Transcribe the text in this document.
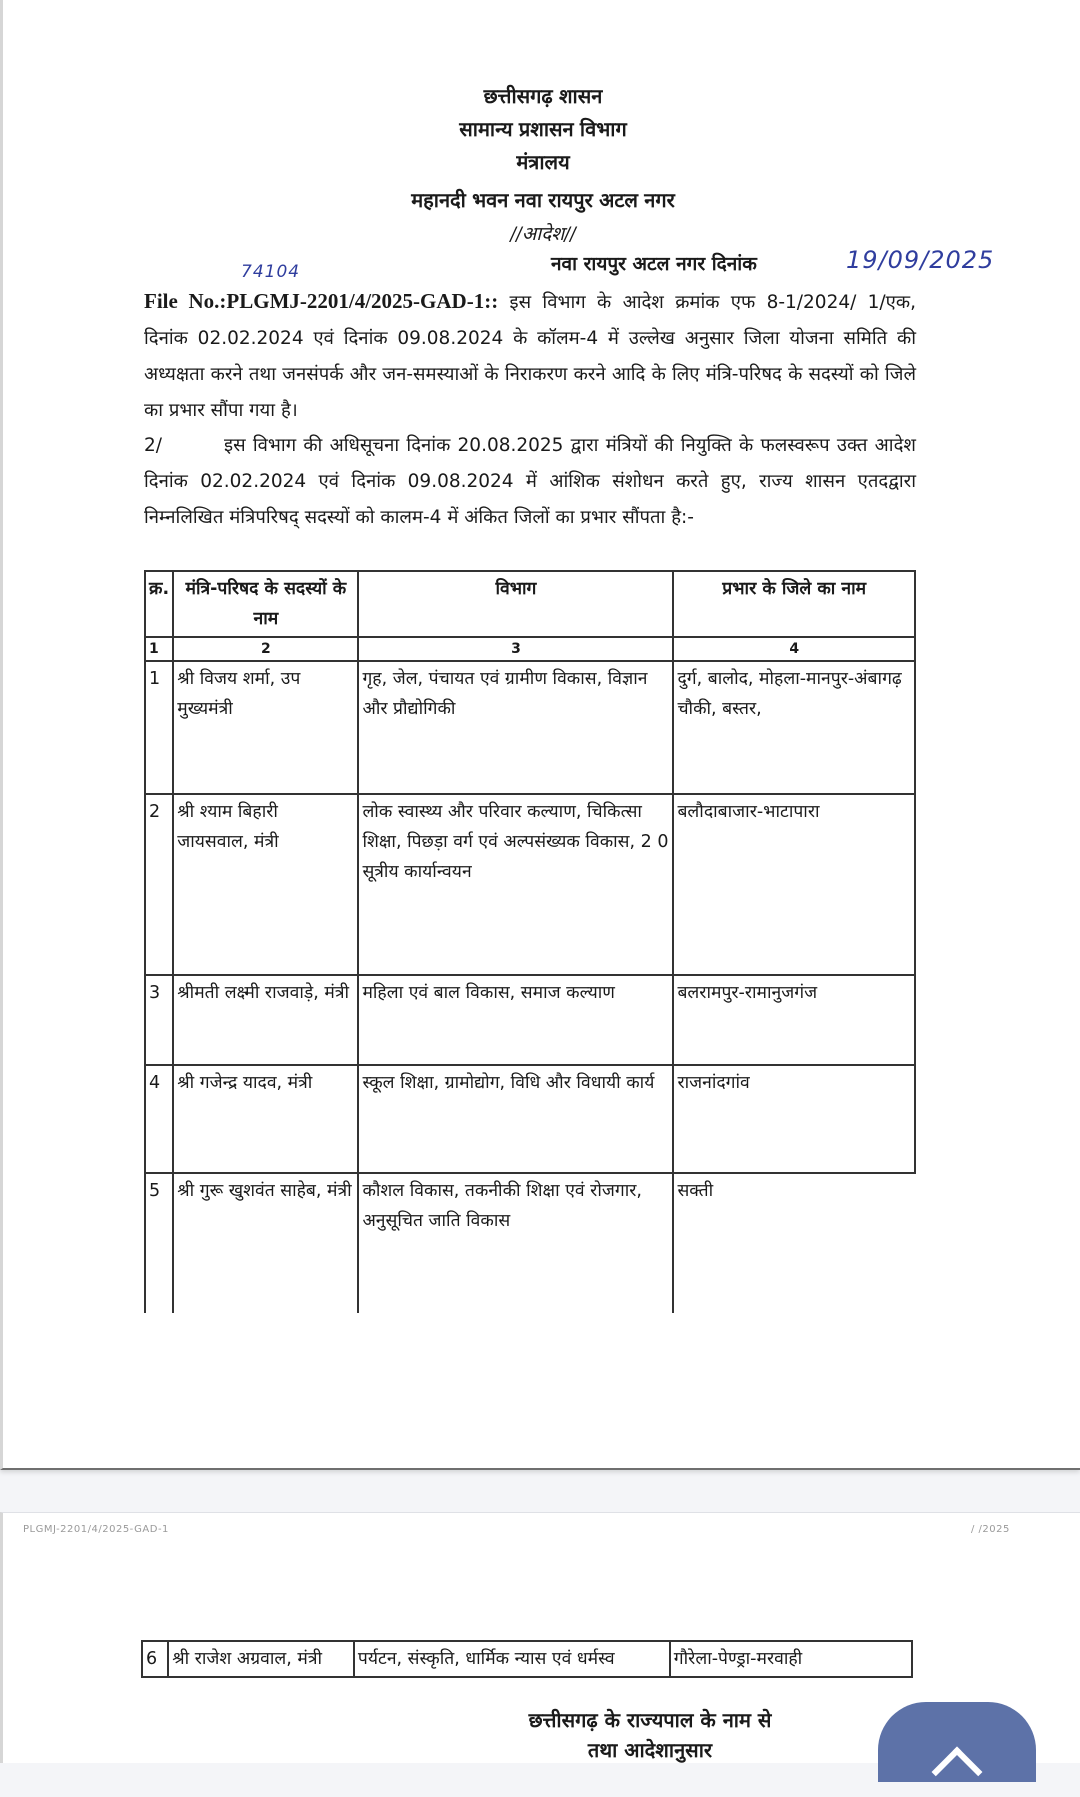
छत्तीसगढ़ शासन
सामान्य प्रशासन विभाग
मंत्रालय
महानदी भवन नवा रायपुर अटल नगर
//आदेश//
नवा रायपुर अटल नगर दिनांक	19/09/2025
74104
File No.:PLGMJ-2201/4/2025-GAD-1:: इस विभाग के आदेश क्रमांक एफ 8-1/2024/ 1/एक, दिनांक 02.02.2024 एवं दिनांक 09.08.2024 के कॉलम-4 में उल्लेख अनुसार जिला योजना समिति की अध्यक्षता करने तथा जनसंपर्क और जन-समस्याओं के निराकरण करने आदि के लिए मंत्रि-परिषद के सदस्यों को जिले का प्रभार सौंपा गया है।
2/	इस विभाग की अधिसूचना दिनांक 20.08.2025 द्वारा मंत्रियों की नियुक्ति के फलस्वरूप उक्त आदेश दिनांक 02.02.2024 एवं दिनांक 09.08.2024 में आंशिक संशोधन करते हुए, राज्य शासन एतदद्वारा निम्नलिखित मंत्रिपरिषद् सदस्यों को कालम-4 में अंकित जिलों का प्रभार सौंपता है:-
क्र.	मंत्रि-परिषद के सदस्यों के नाम	विभाग	प्रभार के जिले का नाम
1	2	3	4
1	श्री विजय शर्मा, उप मुख्यमंत्री	गृह, जेल, पंचायत एवं ग्रामीण विकास, विज्ञान और प्रौद्योगिकी	दुर्ग, बालोद, मोहला-मानपुर-अंबागढ़ चौकी, बस्तर,
2	श्री श्याम बिहारी जायसवाल, मंत्री	लोक स्वास्थ्य और परिवार कल्याण, चिकित्सा शिक्षा, पिछड़ा वर्ग एवं अल्पसंख्यक विकास, 2 0 सूत्रीय कार्यान्वयन	बलौदाबाजार-भाटापारा
3	श्रीमती लक्ष्मी राजवाडे़, मंत्री	महिला एवं बाल विकास, समाज कल्याण	बलरामपुर-रामानुजगंज
4	श्री गजेन्द्र यादव, मंत्री	स्कूल शिक्षा, ग्रामोद्योग, विधि और विधायी कार्य	राजनांदगांव
5	श्री गुरू खुशवंत साहेब, मंत्री	कौशल विकास, तकनीकी शिक्षा एवं रोजगार, अनुसूचित जाति विकास	सक्ती
PLGMJ-2201/4/2025-GAD-1	/ /2025
6	श्री राजेश अग्रवाल, मंत्री	पर्यटन, संस्कृति, धार्मिक न्यास एवं धर्मस्व	गौरेला-पेण्ड्रा-मरवाही
छत्तीसगढ़ के राज्यपाल के नाम से
तथा आदेशानुसार
